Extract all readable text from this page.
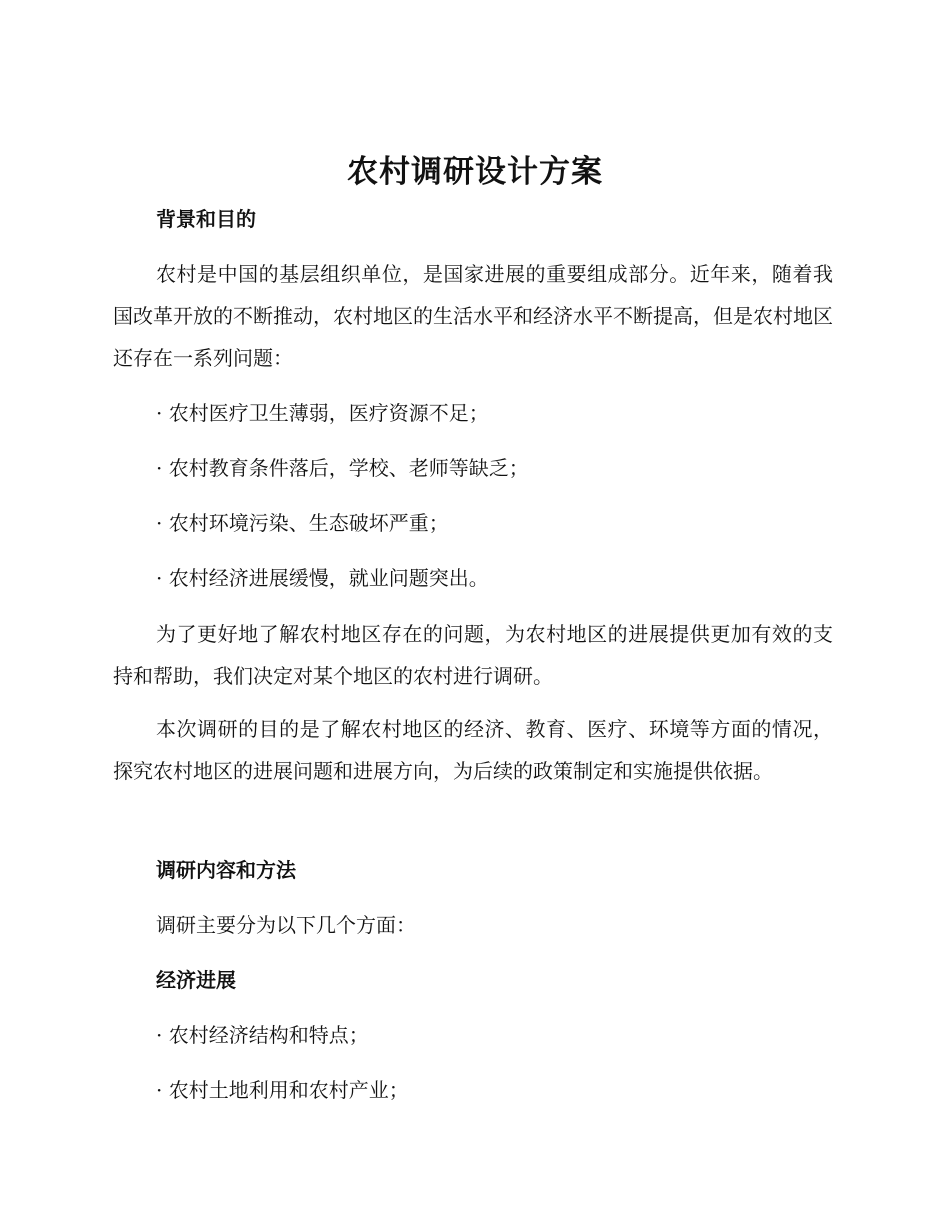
农村调研设计方案
背景和目的
农村是中国的基层组织单位，是国家进展的重要组成部分。近年来，随着我国改革开放的不断推动，农村地区的生活水平和经济水平不断提高，但是农村地区还存在一系列问题：
· 农村医疗卫生薄弱，医疗资源不足；
· 农村教育条件落后，学校、老师等缺乏；
· 农村环境污染、生态破坏严重；
· 农村经济进展缓慢，就业问题突出。
为了更好地了解农村地区存在的问题，为农村地区的进展提供更加有效的支持和帮助，我们决定对某个地区的农村进行调研。
本次调研的目的是了解农村地区的经济、教育、医疗、环境等方面的情况，探究农村地区的进展问题和进展方向，为后续的政策制定和实施提供依据。
调研内容和方法
调研主要分为以下几个方面：
经济进展
· 农村经济结构和特点；
· 农村土地利用和农村产业；
